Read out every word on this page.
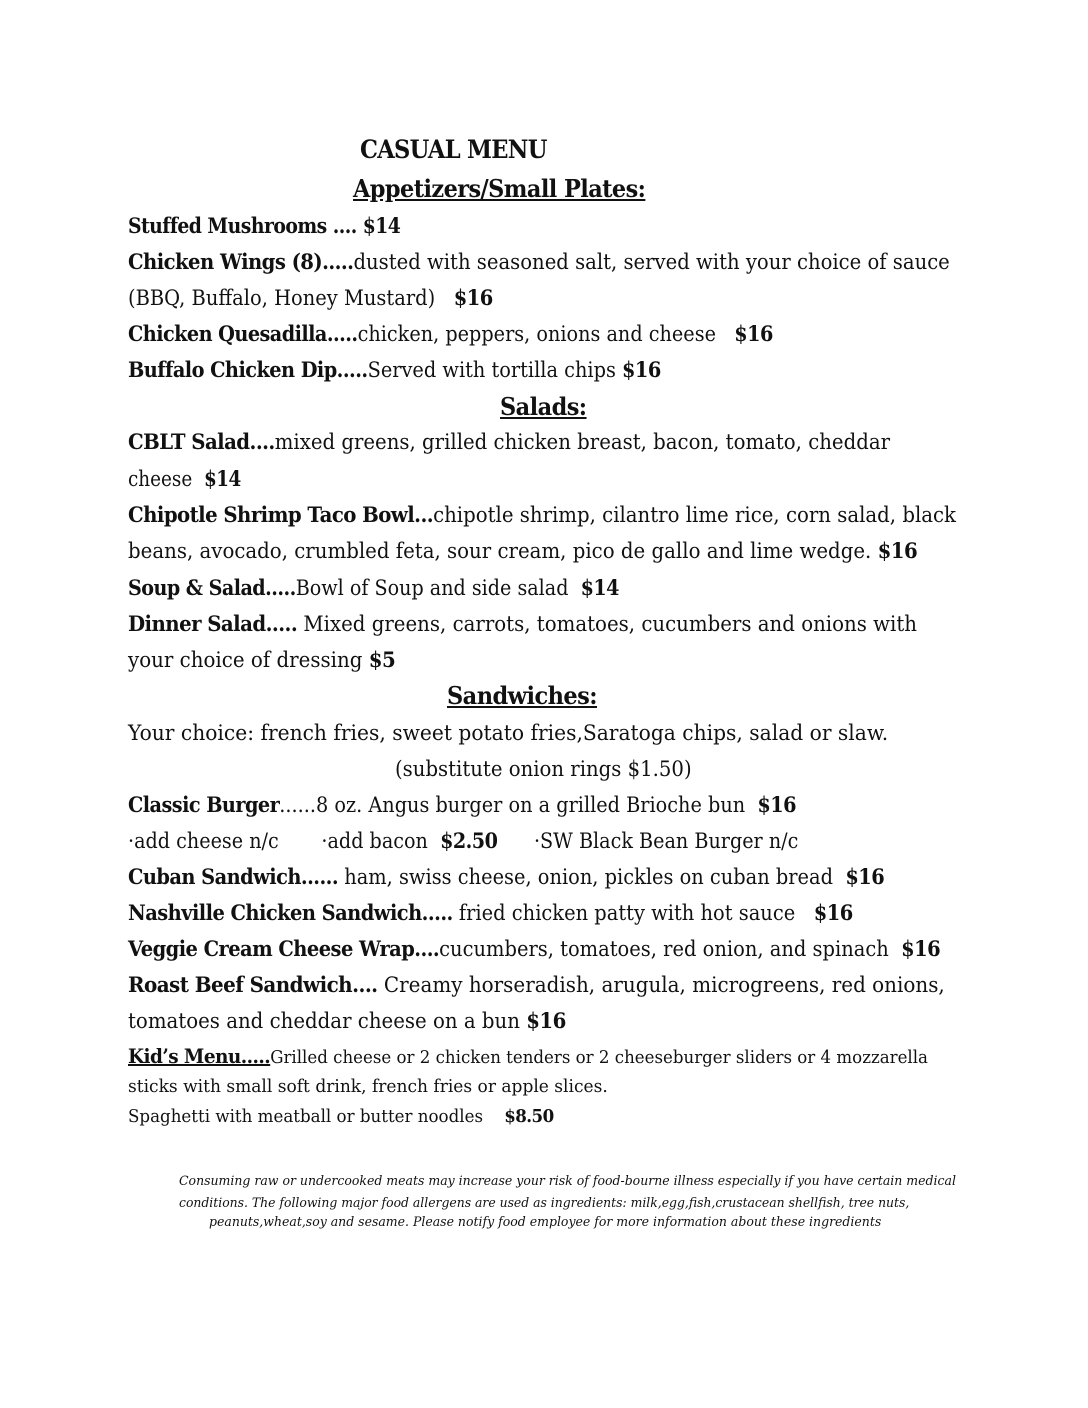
CASUAL MENU
Appetizers/Small Plates:
Stuffed Mushrooms .... $14
Chicken Wings (8).....dusted with seasoned salt, served with your choice of sauce
(BBQ, Buffalo, Honey Mustard) $16
Chicken Quesadilla.....chicken, peppers, onions and cheese $16
Buffalo Chicken Dip.....Served with tortilla chips $16
Salads:
CBLT Salad....mixed greens, grilled chicken breast, bacon, tomato, cheddar
cheese $14
Chipotle Shrimp Taco Bowl...chipotle shrimp, cilantro lime rice, corn salad, black
beans, avocado, crumbled feta, sour cream, pico de gallo and lime wedge. $16
Soup & Salad.....Bowl of Soup and side salad $14
Dinner Salad..... Mixed greens, carrots, tomatoes, cucumbers and onions with
your choice of dressing $5
Sandwiches:
Your choice: french fries, sweet potato fries,Saratoga chips, salad or slaw.
(substitute onion rings $1.50)
Classic Burger......8 oz. Angus burger on a grilled Brioche bun $16
·add cheese n/c ·add bacon $2.50 ·SW Black Bean Burger n/c
Cuban Sandwich...... ham, swiss cheese, onion, pickles on cuban bread $16
Nashville Chicken Sandwich..... fried chicken patty with hot sauce $16
Veggie Cream Cheese Wrap....cucumbers, tomatoes, red onion, and spinach $16
Roast Beef Sandwich.... Creamy horseradish, arugula, microgreens, red onions,
tomatoes and cheddar cheese on a bun $16
Kid’s Menu.....Grilled cheese or 2 chicken tenders or 2 cheeseburger sliders or 4 mozzarella
sticks with small soft drink, french fries or apple slices.
Spaghetti with meatball or butter noodles $8.50
Consuming raw or undercooked meats may increase your risk of food-bourne illness especially if you have certain medical
conditions. The following major food allergens are used as ingredients: milk,egg,fish,crustacean shellfish, tree nuts,
peanuts,wheat,soy and sesame. Please notify food employee for more information about these ingredients
